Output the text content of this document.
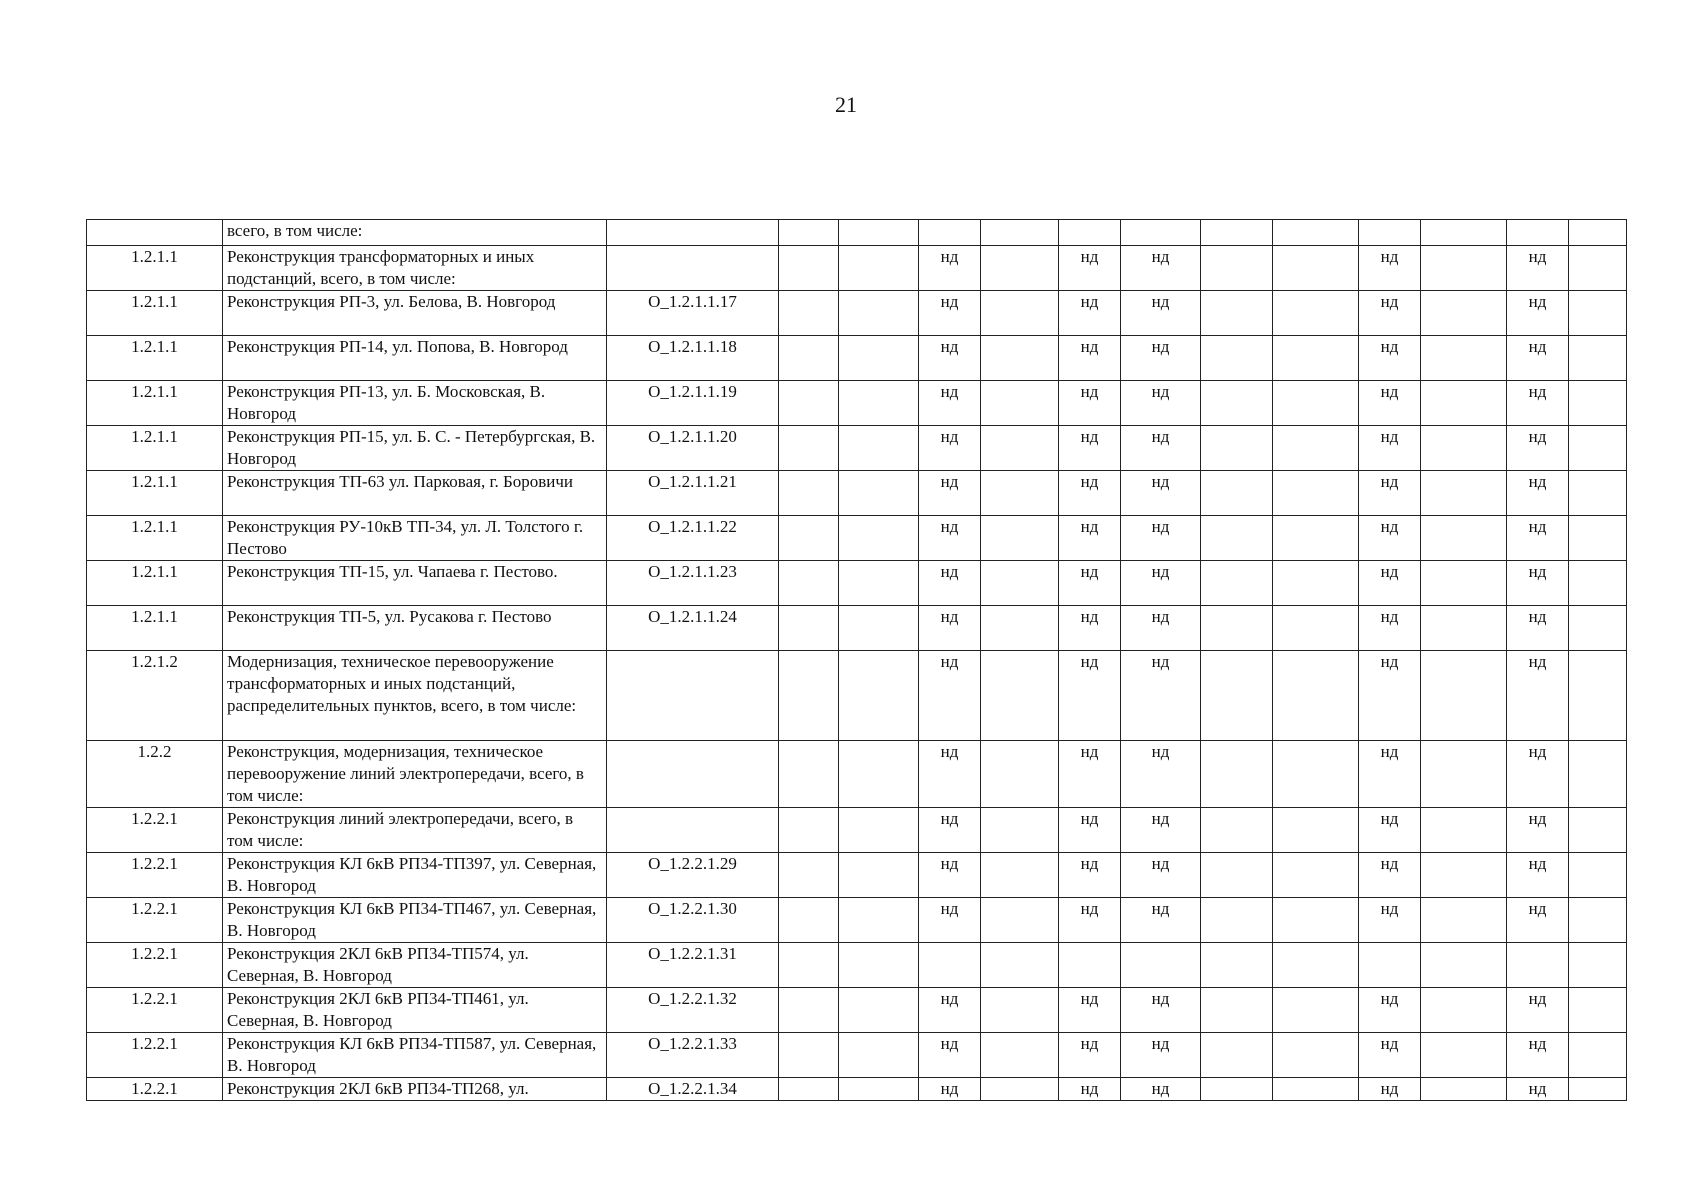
21
	всего, в том числе:													
1.2.1.1	Реконструкция трансформаторных и иных подстанций, всего, в том числе:				нд		нд	нд			нд		нд	
1.2.1.1	Реконструкция РП-3, ул. Белова, В. Новгород	O_1.2.1.1.17			нд		нд	нд			нд		нд	
1.2.1.1	Реконструкция РП-14, ул. Попова, В. Новгород	O_1.2.1.1.18			нд		нд	нд			нд		нд	
1.2.1.1	Реконструкция РП-13, ул. Б. Московская, В. Новгород	O_1.2.1.1.19			нд		нд	нд			нд		нд	
1.2.1.1	Реконструкция РП-15, ул. Б. С. - Петербургская, В. Новгород	O_1.2.1.1.20			нд		нд	нд			нд		нд	
1.2.1.1	Реконструкция ТП-63 ул. Парковая, г. Боровичи	O_1.2.1.1.21			нд		нд	нд			нд		нд	
1.2.1.1	Реконструкция РУ-10кВ ТП-34, ул. Л. Толстого г. Пестово	O_1.2.1.1.22			нд		нд	нд			нд		нд	
1.2.1.1	Реконструкция ТП-15, ул. Чапаева г. Пестово.	O_1.2.1.1.23			нд		нд	нд			нд		нд	
1.2.1.1	Реконструкция ТП-5, ул. Русакова г. Пестово	O_1.2.1.1.24			нд		нд	нд			нд		нд	
1.2.1.2	Модернизация, техническое перевооружение трансформаторных и иных подстанций, распределительных пунктов, всего, в том числе:				нд		нд	нд			нд		нд	
1.2.2	Реконструкция, модернизация, техническое перевооружение линий электропередачи, всего, в том числе:				нд		нд	нд			нд		нд	
1.2.2.1	Реконструкция линий электропередачи, всего, в том числе:				нд		нд	нд			нд		нд	
1.2.2.1	Реконструкция КЛ 6кВ РП34-ТП397, ул. Северная, В. Новгород	O_1.2.2.1.29			нд		нд	нд			нд		нд	
1.2.2.1	Реконструкция КЛ 6кВ РП34-ТП467, ул. Северная, В. Новгород	O_1.2.2.1.30			нд		нд	нд			нд		нд	
1.2.2.1	Реконструкция 2КЛ 6кВ РП34-ТП574, ул. Северная, В. Новгород	O_1.2.2.1.31												
1.2.2.1	Реконструкция 2КЛ 6кВ РП34-ТП461, ул. Северная, В. Новгород	O_1.2.2.1.32			нд		нд	нд			нд		нд	
1.2.2.1	Реконструкция КЛ 6кВ РП34-ТП587, ул. Северная, В. Новгород	O_1.2.2.1.33			нд		нд	нд			нд		нд	
1.2.2.1	Реконструкция 2КЛ 6кВ РП34-ТП268, ул.	O_1.2.2.1.34			нд		нд	нд			нд		нд	
